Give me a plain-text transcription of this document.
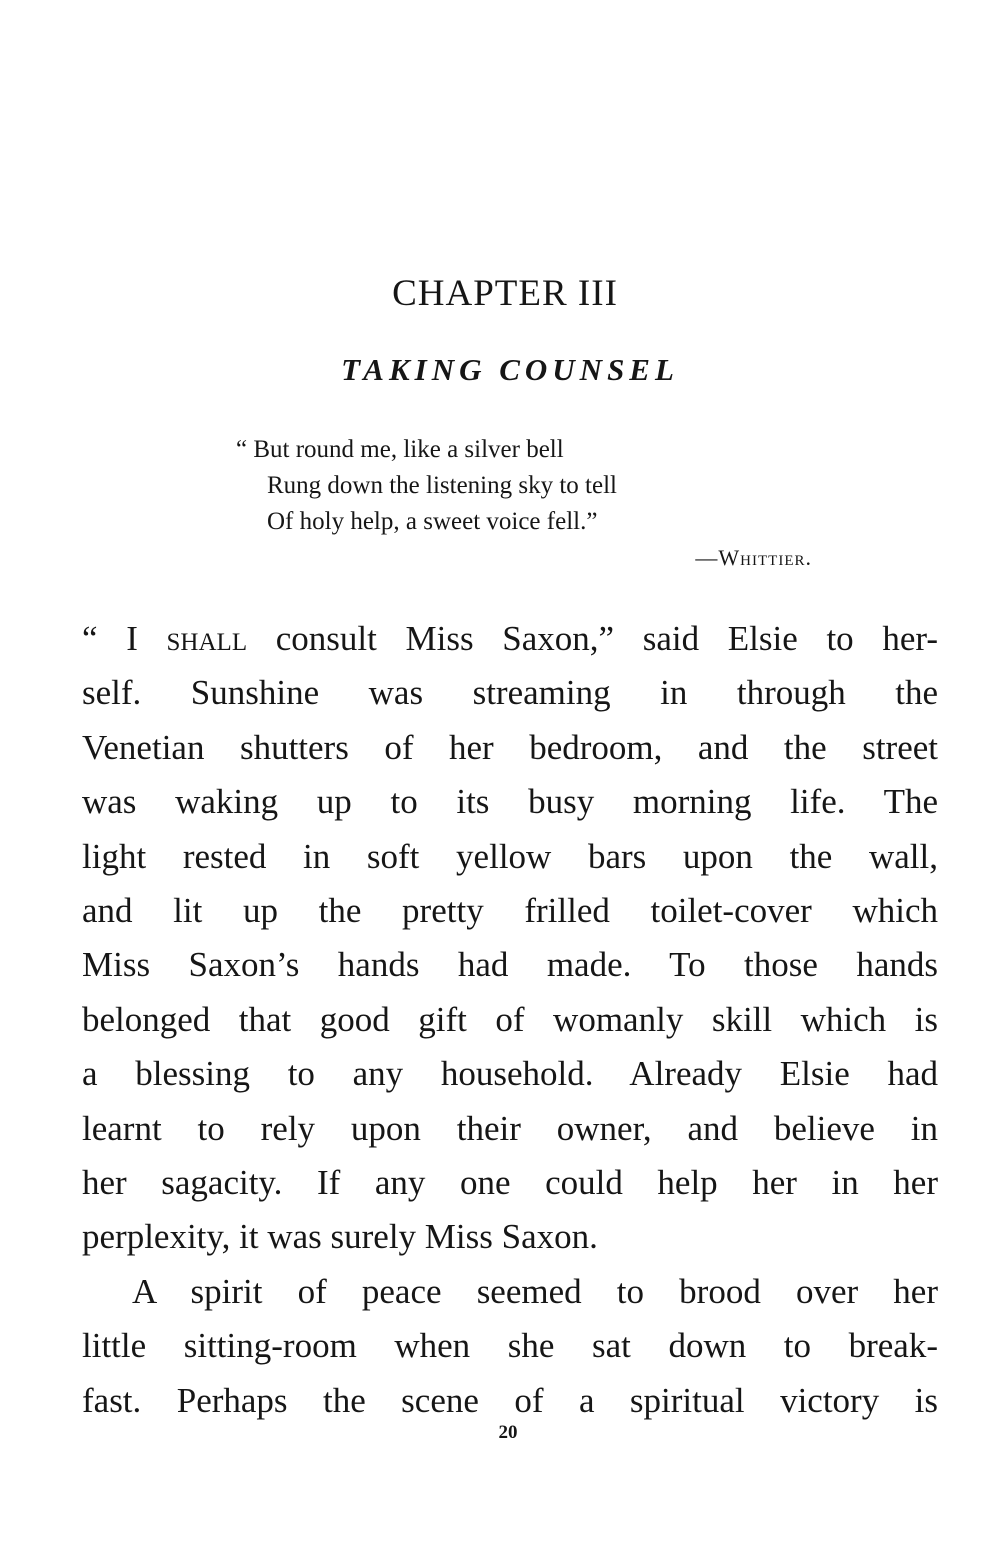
CHAPTER III
TAKING COUNSEL
“ But round me, like a silver bell
Rung down the listening sky to tell
Of holy help, a sweet voice fell.”
—Whittier.

“ I shall consult Miss Saxon,” said Elsie to her-
self. Sunshine was streaming in through the
Venetian shutters of her bedroom, and the street
was waking up to its busy morning life. The
light rested in soft yellow bars upon the wall,
and lit up the pretty frilled toilet-cover which
Miss Saxon’s hands had made. To those hands
belonged that good gift of womanly skill which is
a blessing to any household. Already Elsie had
learnt to rely upon their owner, and believe in
her sagacity. If any one could help her in her
perplexity, it was surely Miss Saxon.

A spirit of peace seemed to brood over her
little sitting-room when she sat down to break-
fast. Perhaps the scene of a spiritual victory is

20
